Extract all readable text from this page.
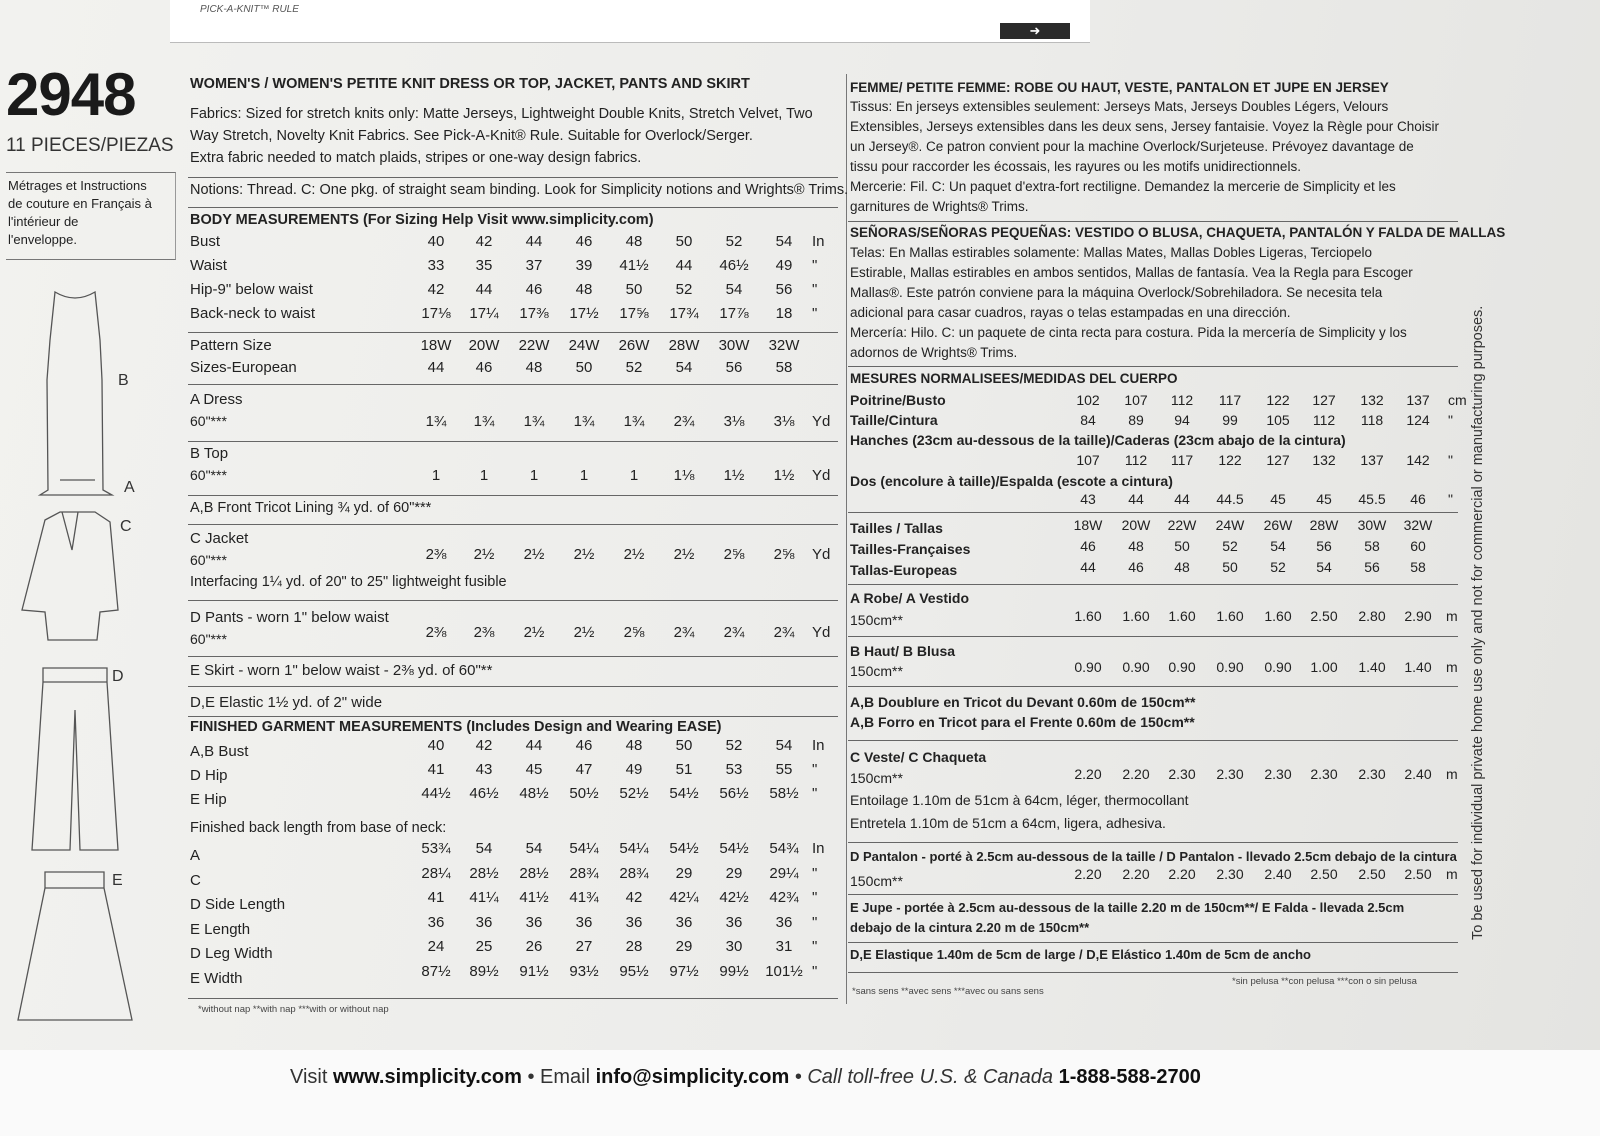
PICK-A-KNIT™ RULE
➜
2948
11 PIECES/PIEZAS
Métrages et Instructions
de couture en Français à
l'intérieur de
l'enveloppe.
B
A
C
D
E	To be used for individual private home use only and not for commercial or manufacturing purposes.
Visit www.simplicity.com • Email info@simplicity.com • Call toll-free U.S. & Canada 1-888-588-2700
WOMEN'S / WOMEN'S PETITE KNIT DRESS OR TOP, JACKET, PANTS AND SKIRT
Fabrics: Sized for stretch knits only: Matte Jerseys, Lightweight Double Knits, Stretch Velvet, Two
Way Stretch, Novelty Knit Fabrics. See Pick-A-Knit® Rule. Suitable for Overlock/Serger.
Extra fabric needed to match plaids, stripes or one-way design fabrics.
Notions: Thread. C: One pkg. of straight seam binding. Look for Simplicity notions and Wrights® Trims.
BODY MEASUREMENTS (For Sizing Help Visit www.simplicity.com)
Bust	40	42	44	46	48	50	52	54	In
Waist	33	35	37	39	41½	44	46½	49	"
Hip-9" below waist	42	44	46	48	50	52	54	56	"
Back-neck to waist	17⅛	17¼	17⅜	17½	17⅝	17¾	17⅞	18	"
Pattern Size	18W	20W	22W	24W	26W	28W	30W	32W
Sizes-European	44	46	48	50	52	54	56	58
A Dress
60"***	1¾	1¾	1¾	1¾	1¾	2¾	3⅛	3⅛	Yd
B Top
60"***	1	1	1	1	1	1⅛	1½	1½	Yd
A,B Front Tricot Lining ¾ yd. of 60"***
C Jacket
60"***	2⅜	2½	2½	2½	2½	2½	2⅝	2⅝	Yd
Interfacing 1¼ yd. of 20" to 25" lightweight fusible
D Pants - worn 1" below waist
60"***	2⅜	2⅜	2½	2½	2⅝	2¾	2¾	2¾	Yd
E Skirt - worn 1" below waist - 2⅜ yd. of 60"**
D,E Elastic 1½ yd. of 2" wide
FINISHED GARMENT MEASUREMENTS (Includes Design and Wearing EASE)
A,B Bust	40	42	44	46	48	50	52	54	In
D Hip	41	43	45	47	49	51	53	55	"
E Hip	44½	46½	48½	50½	52½	54½	56½	58½ "
Finished back length from base of neck:
A	53¾	54	54	54¼	54¼	54½	54½	54¾ In
C	28¼	28½	28½	28¾	28¾	29	29	29¼ "
D Side Length	41	41¼	41½	41¾	42	42¼	42½	42¾ "
E Length	36	36	36	36	36	36	36	36	"
D Leg Width	24	25	26	27	28	29	30	31	"
E Width	87½	89½	91½	93½	95½	97½	99½	101½ "
*without nap **with nap ***with or without nap
FEMME/ PETITE FEMME: ROBE OU HAUT, VESTE, PANTALON ET JUPE EN JERSEY
Tissus: En jerseys extensibles seulement: Jerseys Mats, Jerseys Doubles Légers, Velours
Extensibles, Jerseys extensibles dans les deux sens, Jersey fantaisie. Voyez la Règle pour Choisir
un Jersey®. Ce patron convient pour la machine Overlock/Surjeteuse. Prévoyez davantage de
tissu pour raccorder les écossais, les rayures ou les motifs unidirectionnels.
Mercerie: Fil. C: Un paquet d'extra-fort rectiligne. Demandez la mercerie de Simplicity et les
garnitures de Wrights® Trims.
SEÑORAS/SEÑORAS PEQUEÑAS: VESTIDO O BLUSA, CHAQUETA, PANTALÓN Y FALDA DE MALLAS
Telas: En Mallas estirables solamente: Mallas Mates, Mallas Dobles Ligeras, Terciopelo
Estirable, Mallas estirables en ambos sentidos, Mallas de fantasía. Vea la Regla para Escoger
Mallas®. Este patrón conviene para la máquina Overlock/Sobrehiladora. Se necesita tela
adicional para casar cuadros, rayas o telas estampadas en una dirección.
Mercería: Hilo. C: un paquete de cinta recta para costura. Pida la mercería de Simplicity y los
adornos de Wrights® Trims.
MESURES NORMALISEES/MEDIDAS DEL CUERPO
Poitrine/Busto	102	107	112	117	122	127	132	137	cm
Taille/Cintura	84	89	94	99	105	112	118	124	"
Hanches (23cm au-dessous de la taille)/Caderas (23cm abajo de la cintura)
107	112	117	122	127	132	137	142	"
Dos (encolure à taille)/Espalda (escote a cintura)
43	44	44	44.5	45	45	45.5	46	"
Tailles / Tallas	18W	20W	22W	24W	26W	28W	30W	32W
Tailles-Françaises	46	48	50	52	54	56	58	60
Tallas-Europeas	44	46	48	50	52	54	56	58
A Robe/ A Vestido
150cm**	1.60	1.60	1.60	1.60	1.60	2.50	2.80	2.90	m
B Haut/ B Blusa
150cm**	0.90	0.90	0.90	0.90	0.90	1.00	1.40	1.40	m
A,B Doublure en Tricot du Devant 0.60m de 150cm**
A,B Forro en Tricot para el Frente 0.60m de 150cm**
C Veste/ C Chaqueta
150cm**	2.20	2.20	2.30	2.30	2.30	2.30	2.30	2.40	m
Entoilage 1.10m de 51cm à 64cm, léger, thermocollant
Entretela 1.10m de 51cm a 64cm, ligera, adhesiva.
D Pantalon - porté à 2.5cm au-dessous de la taille / D Pantalon - llevado 2.5cm debajo de la cintura
150cm**	2.20	2.20	2.20	2.30	2.40	2.50	2.50	2.50	m
E Jupe - portée à 2.5cm au-dessous de la taille 2.20 m de 150cm**/ E Falda - llevada 2.5cm
debajo de la cintura 2.20 m de 150cm**
D,E Elastique 1.40m de 5cm de large / D,E Elástico 1.40m de 5cm de ancho
*sans sens **avec sens ***avec ou sans sens
*sin pelusa **con pelusa ***con o sin pelusa
